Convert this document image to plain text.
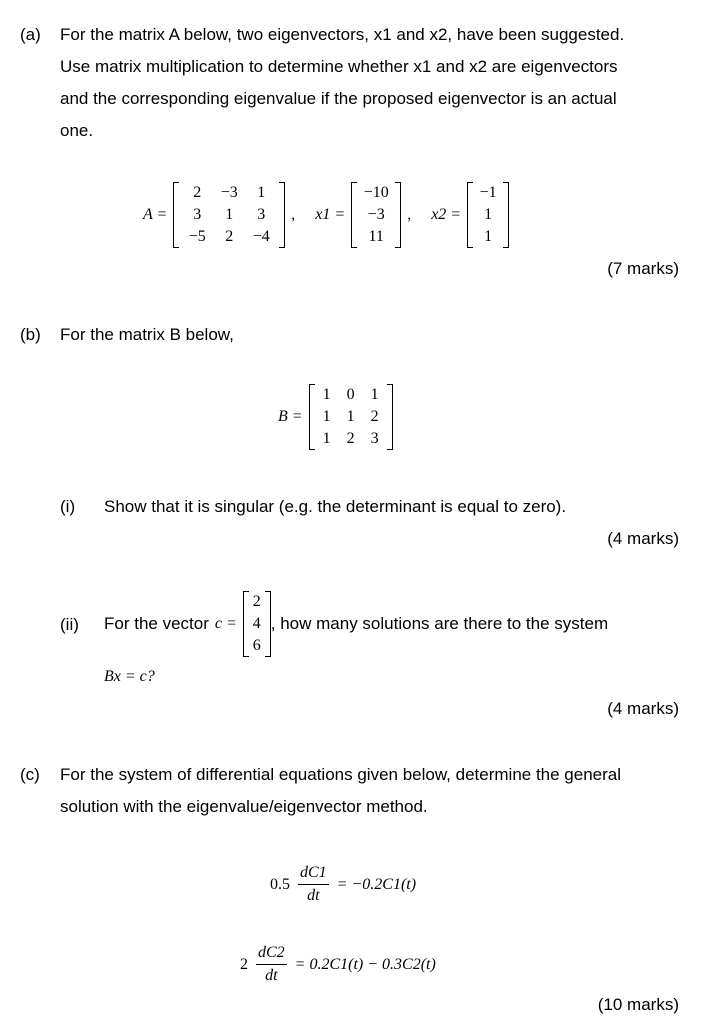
(a) For the matrix A below, two eigenvectors, x1 and x2, have been suggested.
Use matrix multiplication to determine whether x1 and x2 are eigenvectors
and the corresponding eigenvalue if the proposed eigenvector is an actual
one.
A =
2	−3	1
3	1	3
−5	2	−4
, x1 =
−10
−3
11
, x2 =
−1
1
1
(7 marks)
(b) For the matrix B below,
B =
1	0	1
1	1	2
1	2	3
(i) Show that it is singular (e.g. the determinant is equal to zero).
(4 marks)
(ii) For the vector c =
2
4
6
, how many solutions are there to the system
Bx = c?
(4 marks)
(c) For the system of differential equations given below, determine the general
solution with the eigenvalue/eigenvector method.
$0.5 \frac{dC1}{dt} = -0.2C1(t)$
$2 \frac{dC2}{dt} = 0.2C1(t) - 0.3C2(t)$
(10 marks)
